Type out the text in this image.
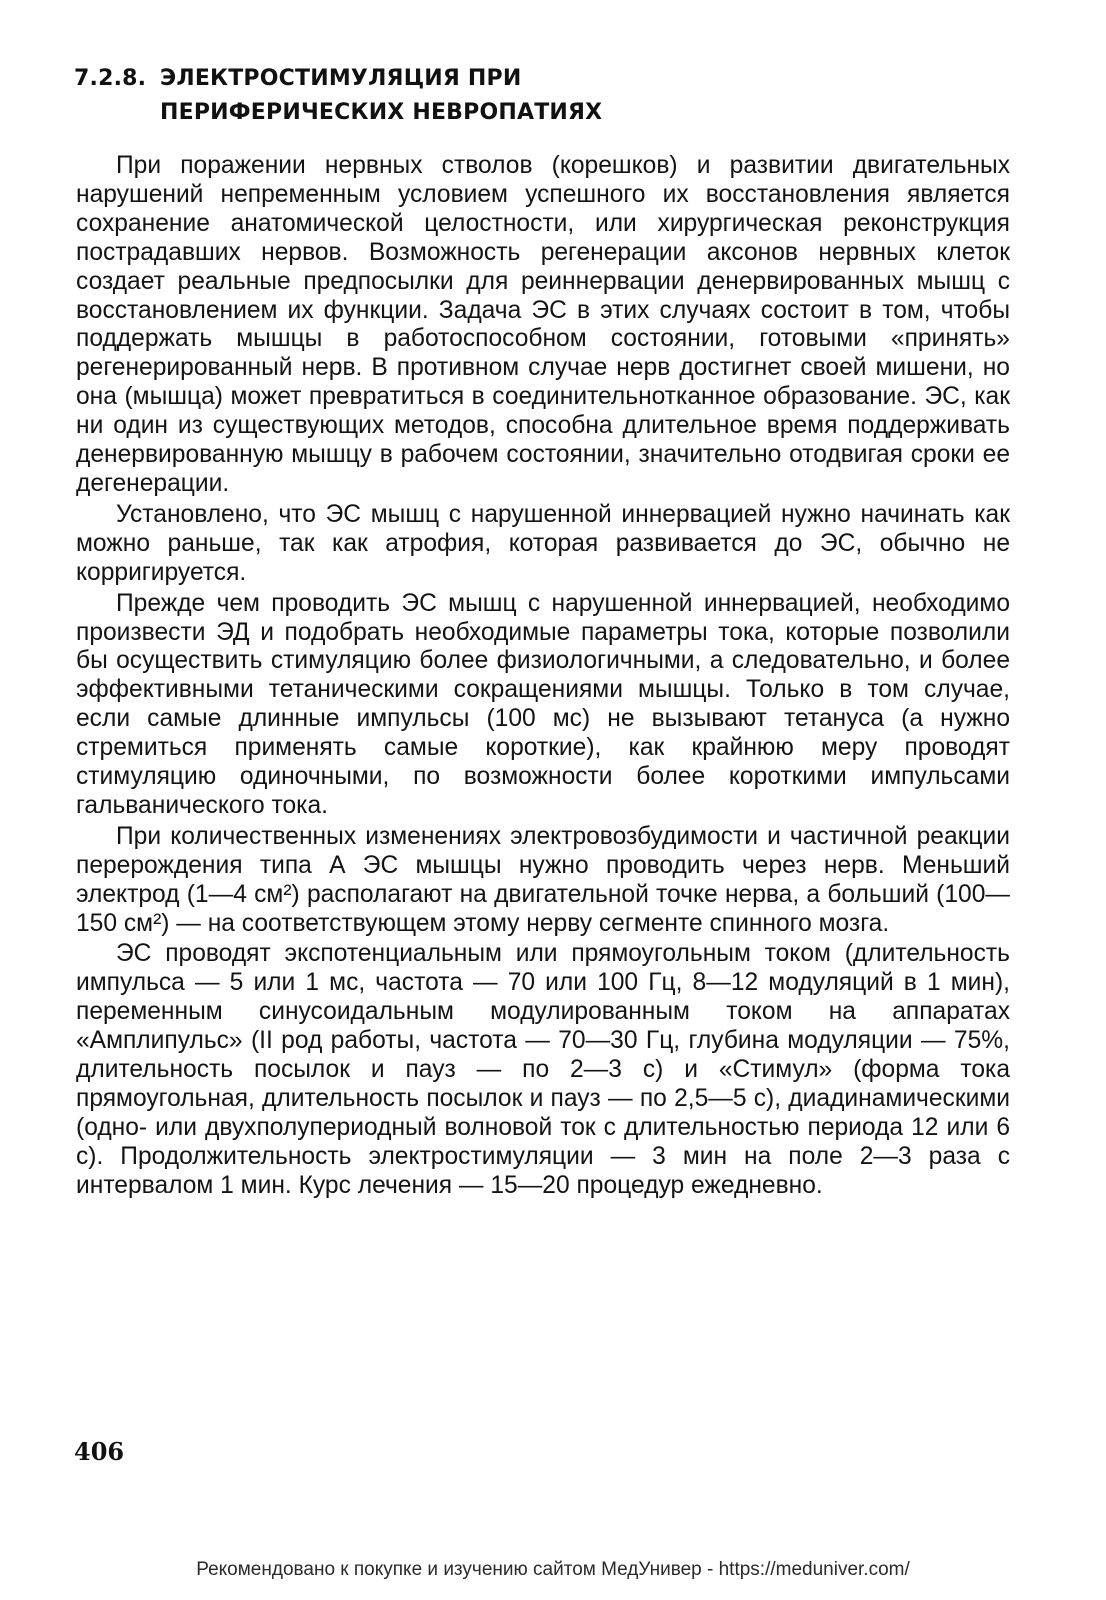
7.2.8. ЭЛЕКТРОСТИМУЛЯЦИЯ ПРИ
ПЕРИФЕРИЧЕСКИХ НЕВРОПАТИЯХ

При поражении нервных стволов (корешков) и развитии двигательных нарушений непременным условием успешного их восстановления является сохранение анатомической целостности, или хирургическая реконструкция пострадавших нервов. Возможность регенерации аксонов нервных клеток создает реальные предпосылки для реиннервации денервированных мышц с восстановлением их функции. Задача ЭС в этих случаях состоит в том, чтобы поддержать мышцы в работоспособном состоянии, готовыми «принять» регенерированный нерв. В противном случае нерв достигнет своей мишени, но она (мышца) может превратиться в соединительнотканное образование. ЭС, как ни один из существующих методов, способна длительное время поддерживать денервированную мышцу в рабочем состоянии, значительно отодвигая сроки ее дегенерации.

Установлено, что ЭС мышц с нарушенной иннервацией нужно начинать как можно раньше, так как атрофия, которая развивается до ЭС, обычно не корригируется.

Прежде чем проводить ЭС мышц с нарушенной иннервацией, необходимо произвести ЭД и подобрать необходимые параметры тока, которые позволили бы осуществить стимуляцию более физиологичными, а следовательно, и более эффективными тетаническими сокращениями мышцы. Только в том случае, если самые длинные импульсы (100 мс) не вызывают тетануса (а нужно стремиться применять самые короткие), как крайнюю меру проводят стимуляцию одиночными, по возможности более короткими импульсами гальванического тока.

При количественных изменениях электровозбудимости и частичной реакции перерождения типа А ЭС мышцы нужно проводить через нерв. Меньший электрод (1—4 см²) располагают на двигательной точке нерва, а больший (100—150 см²) — на соответствующем этому нерву сегменте спинного мозга.

ЭС проводят экспотенциальным или прямоугольным током (длительность импульса — 5 или 1 мс, частота — 70 или 100 Гц, 8—12 модуляций в 1 мин), переменным синусоидальным модулированным током на аппаратах «Амплипульс» (II род работы, частота — 70—30 Гц, глубина модуляции — 75%, длительность посылок и пауз — по 2—3 с) и «Стимул» (форма тока прямоугольная, длительность посылок и пауз — по 2,5—5 с), диадинамическими (одно- или двухполупериодный волновой ток с длительностью периода 12 или 6 с). Продолжительность электростимуляции — 3 мин на поле 2—3 раза с интервалом 1 мин. Курс лечения — 15—20 процедур ежедневно.

406
Рекомендовано к покупке и изучению сайтом МедУнивер - https://meduniver.com/
